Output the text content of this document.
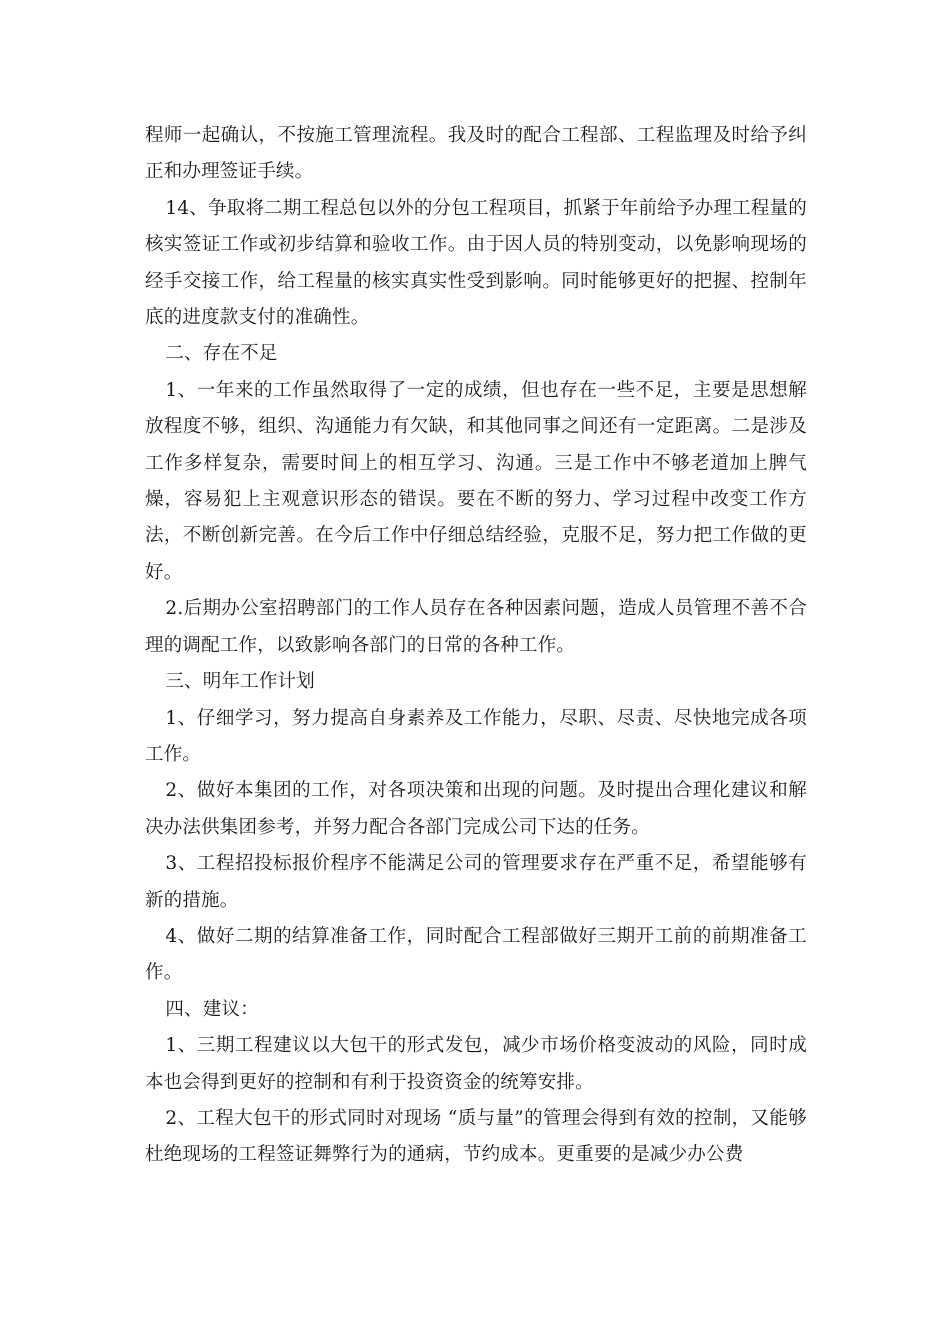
程师一起确认，不按施工管理流程。我及时的配合工程部、工程监理及时给予纠正和办理签证手续。

14、争取将二期工程总包以外的分包工程项目，抓紧于年前给予办理工程量的核实签证工作或初步结算和验收工作。由于因人员的特别变动，以免影响现场的经手交接工作，给工程量的核实真实性受到影响。同时能够更好的把握、控制年底的进度款支付的准确性。

二、存在不足

1、一年来的工作虽然取得了一定的成绩，但也存在一些不足，主要是思想解放程度不够，组织、沟通能力有欠缺，和其他同事之间还有一定距离。二是涉及工作多样复杂，需要时间上的相互学习、沟通。三是工作中不够老道加上脾气燥，容易犯上主观意识形态的错误。要在不断的努力、学习过程中改变工作方法，不断创新完善。在今后工作中仔细总结经验，克服不足，努力把工作做的更好。

2.后期办公室招聘部门的工作人员存在各种因素问题，造成人员管理不善不合理的调配工作，以致影响各部门的日常的各种工作。

三、明年工作计划

1、仔细学习，努力提高自身素养及工作能力，尽职、尽责、尽快地完成各项工作。

2、做好本集团的工作，对各项决策和出现的问题。及时提出合理化建议和解决办法供集团参考，并努力配合各部门完成公司下达的任务。

3、工程招投标报价程序不能满足公司的管理要求存在严重不足，希望能够有新的措施。

4、做好二期的结算准备工作，同时配合工程部做好三期开工前的前期准备工作。

四、建议：

1、三期工程建议以大包干的形式发包，减少市场价格变波动的风险，同时成本也会得到更好的控制和有利于投资资金的统筹安排。

2、工程大包干的形式同时对现场 “质与量”的管理会得到有效的控制，又能够杜绝现场的工程签证舞弊行为的通病，节约成本。更重要的是减少办公费
